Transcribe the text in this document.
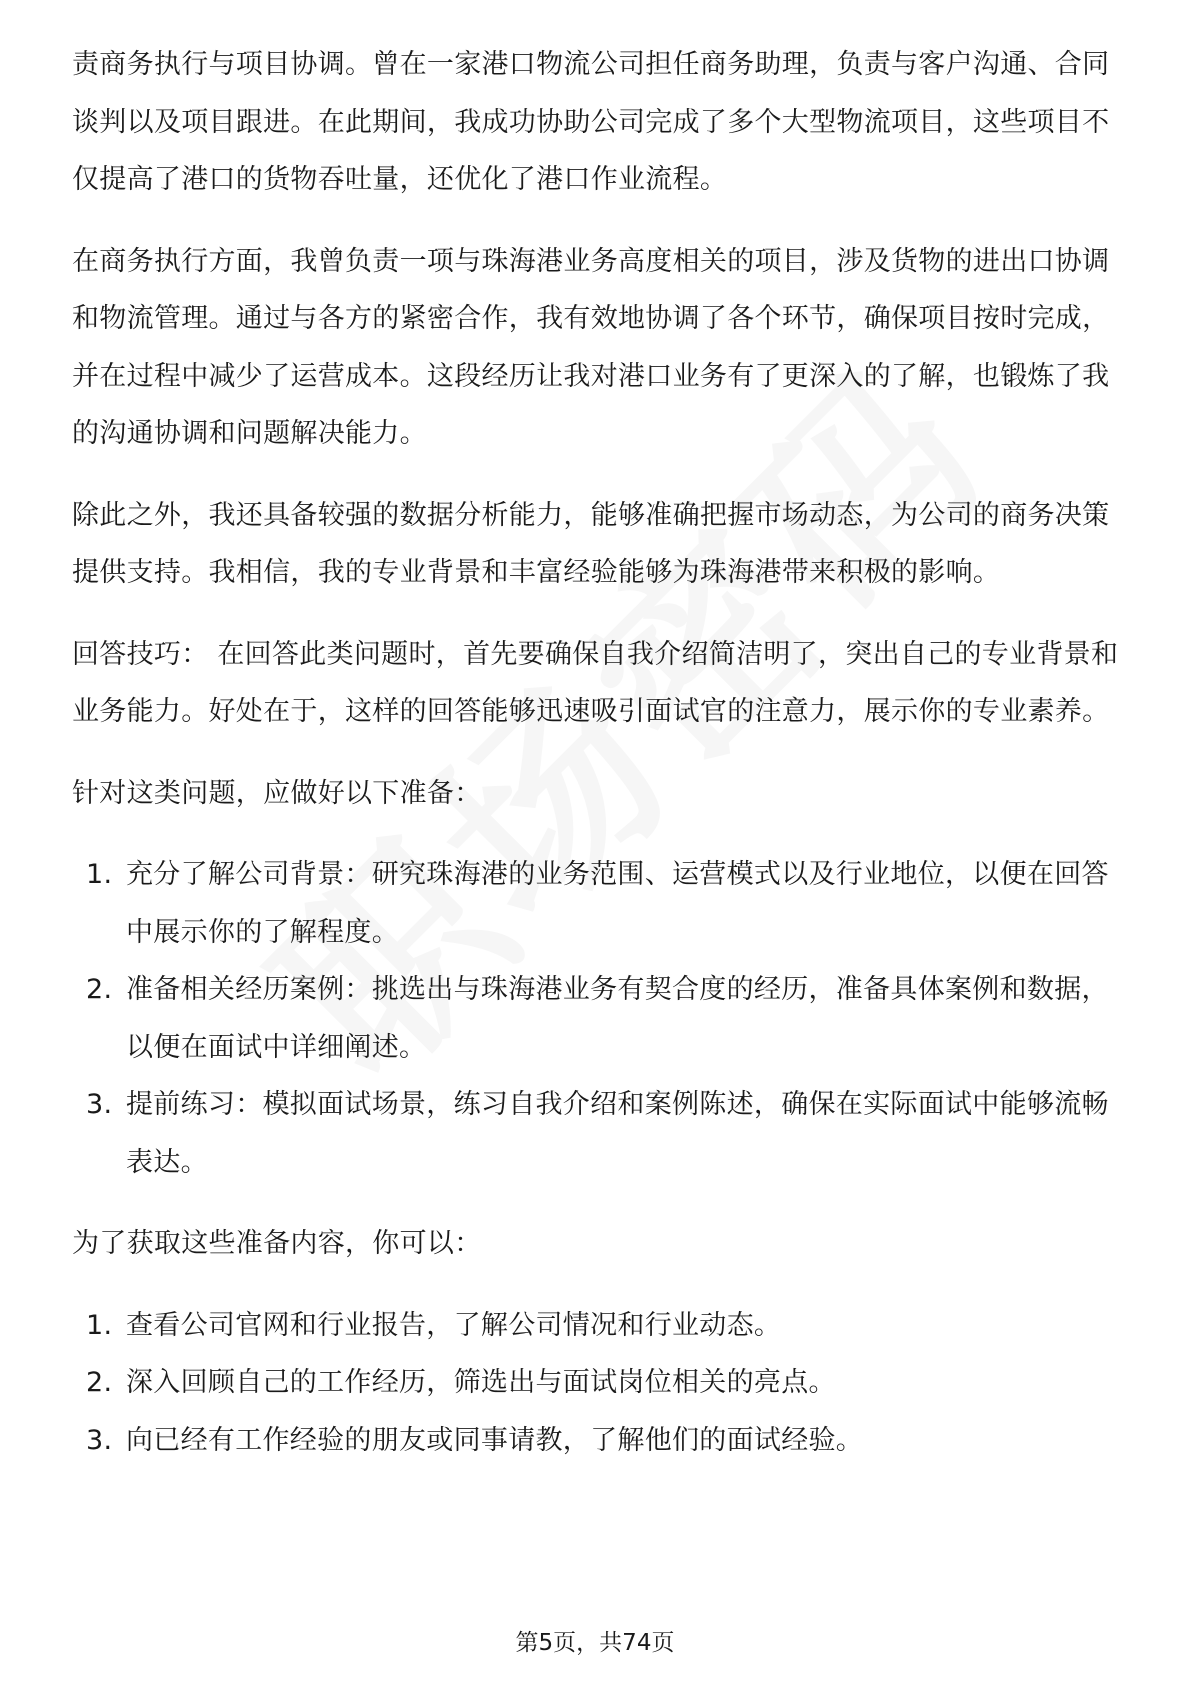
责商务执行与项目协调。曾在一家港口物流公司担任商务助理，负责与客户沟通、合同谈判以及项目跟进。在此期间，我成功协助公司完成了多个大型物流项目，这些项目不仅提高了港口的货物吞吐量，还优化了港口作业流程。

在商务执行方面，我曾负责一项与珠海港业务高度相关的项目，涉及货物的进出口协调和物流管理。通过与各方的紧密合作，我有效地协调了各个环节，确保项目按时完成，并在过程中减少了运营成本。这段经历让我对港口业务有了更深入的了解，也锻炼了我的沟通协调和问题解决能力。

除此之外，我还具备较强的数据分析能力，能够准确把握市场动态，为公司的商务决策提供支持。我相信，我的专业背景和丰富经验能够为珠海港带来积极的影响。

回答技巧： 在回答此类问题时，首先要确保自我介绍简洁明了，突出自己的专业背景和业务能力。好处在于，这样的回答能够迅速吸引面试官的注意力，展示你的专业素养。

针对这类问题，应做好以下准备：

1. 充分了解公司背景：研究珠海港的业务范围、运营模式以及行业地位，以便在回答中展示你的了解程度。
2. 准备相关经历案例：挑选出与珠海港业务有契合度的经历，准备具体案例和数据，以便在面试中详细阐述。
3. 提前练习：模拟面试场景，练习自我介绍和案例陈述，确保在实际面试中能够流畅表达。

为了获取这些准备内容，你可以：

1. 查看公司官网和行业报告，了解公司情况和行业动态。
2. 深入回顾自己的工作经历，筛选出与面试岗位相关的亮点。
3. 向已经有工作经验的朋友或同事请教，了解他们的面试经验。
第5页，共74页
